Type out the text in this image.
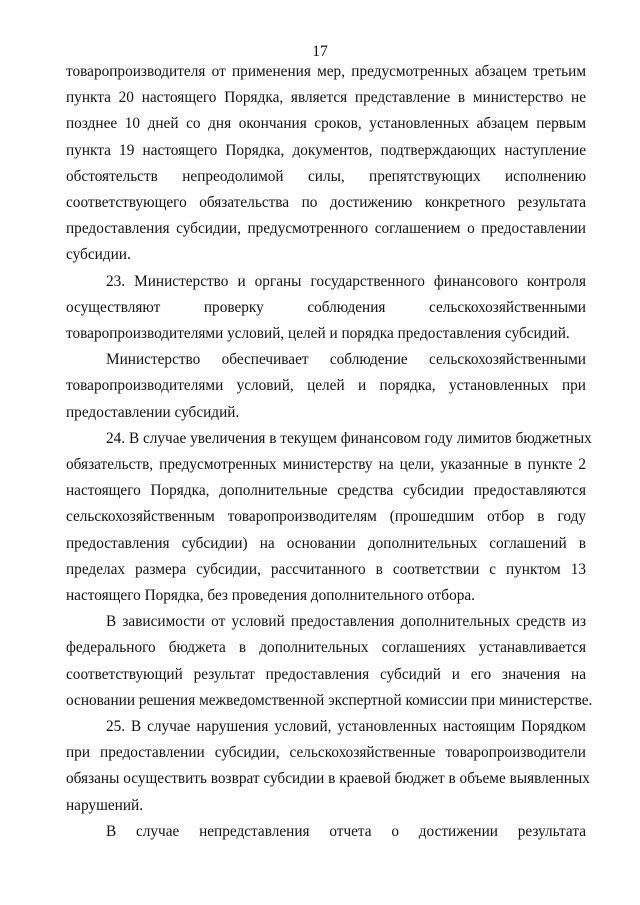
17
товаропроизводителя от применения мер, предусмотренных абзацем третьим
пункта 20 настоящего Порядка, является представление в министерство не
позднее 10 дней со дня окончания сроков, установленных абзацем первым
пункта 19 настоящего Порядка, документов, подтверждающих наступление
обстоятельств непреодолимой силы, препятствующих исполнению
соответствующего обязательства по достижению конкретного результата
предоставления субсидии, предусмотренного соглашением о предоставлении
субсидии.
23. Министерство и органы государственного финансового контроля
осуществляют проверку соблюдения сельскохозяйственными
товаропроизводителями условий, целей и порядка предоставления субсидий.
Министерство обеспечивает соблюдение сельскохозяйственными
товаропроизводителями условий, целей и порядка, установленных при
предоставлении субсидий.
24. В случае увеличения в текущем финансовом году лимитов бюджетных
обязательств, предусмотренных министерству на цели, указанные в пункте 2
настоящего Порядка, дополнительные средства субсидии предоставляются
сельскохозяйственным товаропроизводителям (прошедшим отбор в году
предоставления субсидии) на основании дополнительных соглашений в
пределах размера субсидии, рассчитанного в соответствии с пунктом 13
настоящего Порядка, без проведения дополнительного отбора.
В зависимости от условий предоставления дополнительных средств из
федерального бюджета в дополнительных соглашениях устанавливается
соответствующий результат предоставления субсидий и его значения на
основании решения межведомственной экспертной комиссии при министерстве.
25. В случае нарушения условий, установленных настоящим Порядком
при предоставлении субсидии, сельскохозяйственные товаропроизводители
обязаны осуществить возврат субсидии в краевой бюджет в объеме выявленных
нарушений.
В случае непредставления отчета о достижении результата
